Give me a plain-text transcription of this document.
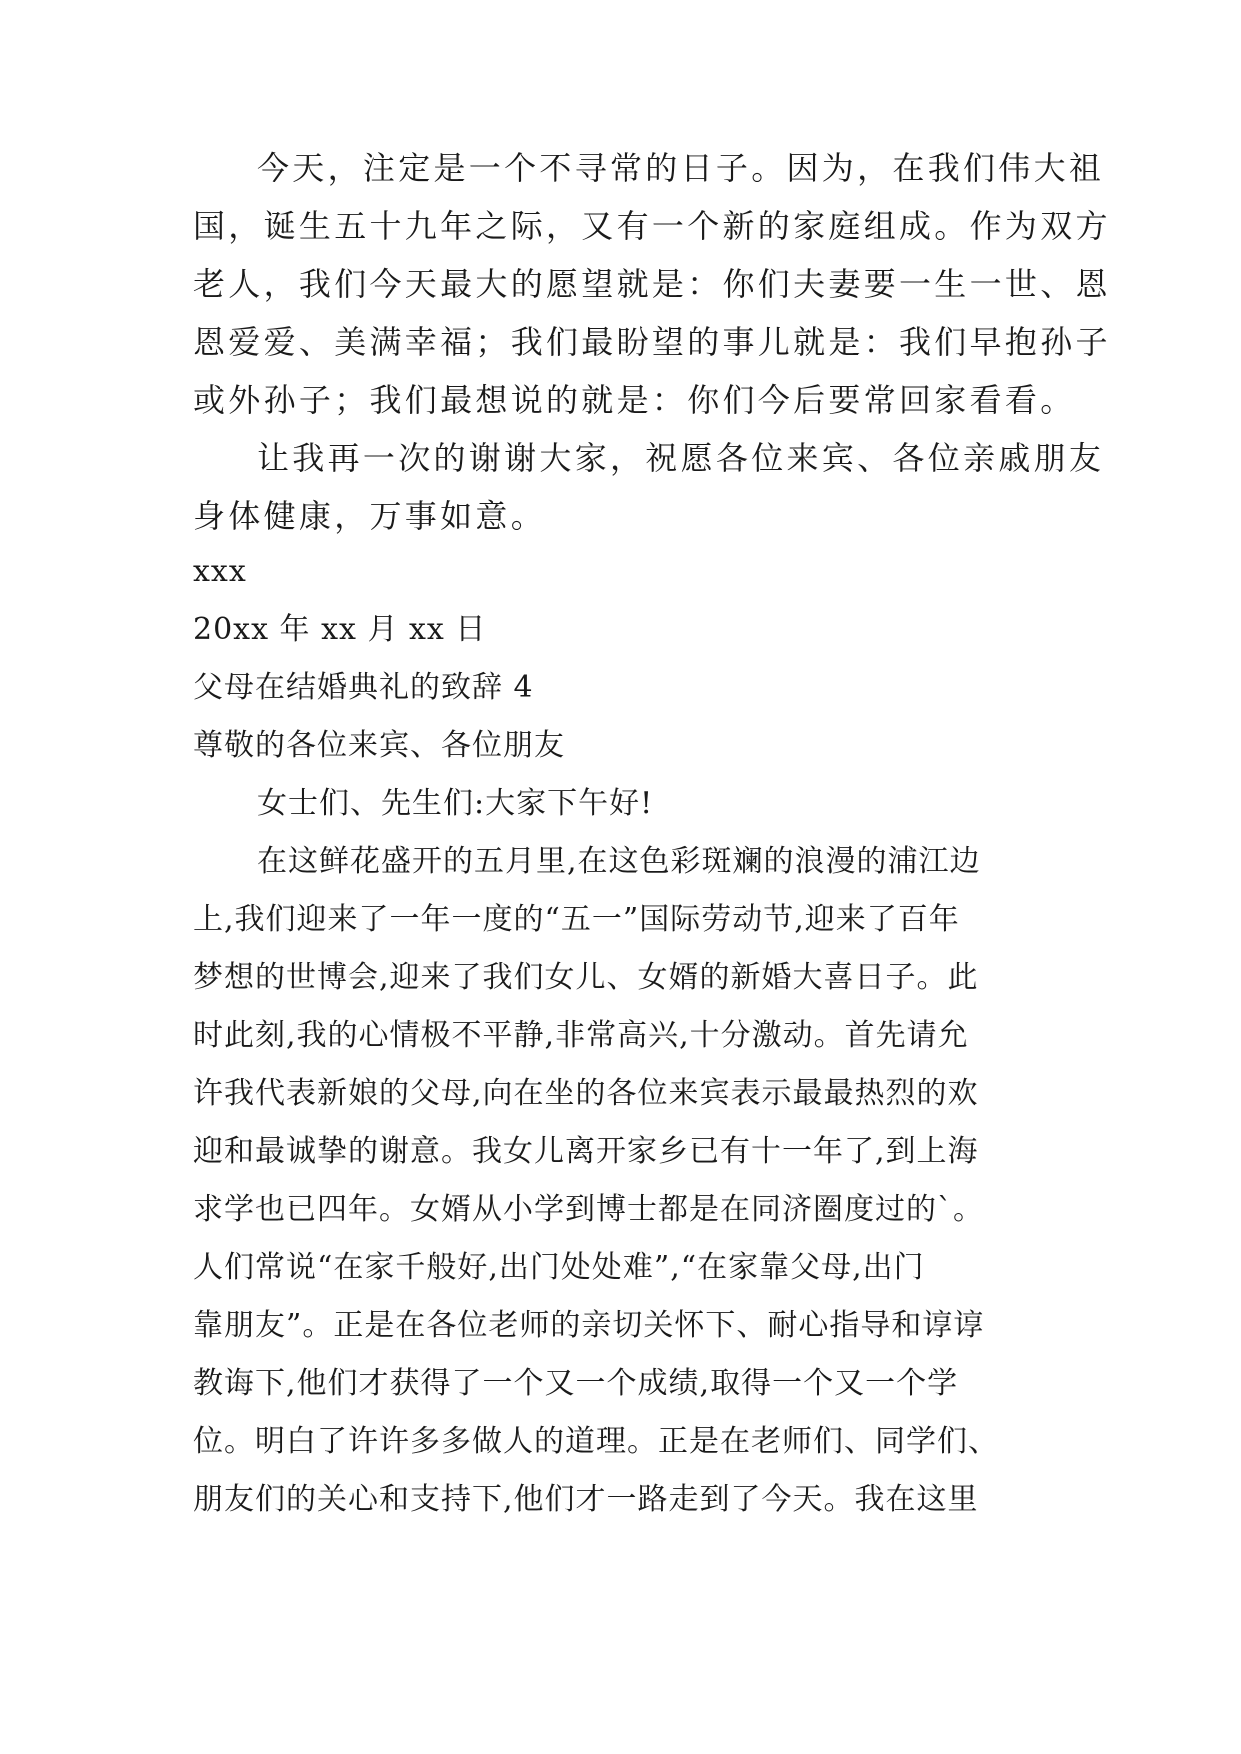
今天，注定是一个不寻常的日子。因为，在我们伟大祖
国，诞生五十九年之际，又有一个新的家庭组成。作为双方
老人，我们今天最大的愿望就是：你们夫妻要一生一世、恩
恩爱爱、美满幸福；我们最盼望的事儿就是：我们早抱孙子
或外孙子；我们最想说的就是：你们今后要常回家看看。
让我再一次的谢谢大家，祝愿各位来宾、各位亲戚朋友
身体健康，万事如意。
xxx
20xx 年 xx 月 xx 日
父母在结婚典礼的致辞 4
尊敬的各位来宾、各位朋友
女士们、先生们:大家下午好!
在这鲜花盛开的五月里,在这色彩斑斓的浪漫的浦江边
上,我们迎来了一年一度的“五一”国际劳动节,迎来了百年
梦想的世博会,迎来了我们女儿、女婿的新婚大喜日子。此
时此刻,我的心情极不平静,非常高兴,十分激动。首先请允
许我代表新娘的父母,向在坐的各位来宾表示最最热烈的欢
迎和最诚挚的谢意。我女儿离开家乡已有十一年了,到上海
求学也已四年。女婿从小学到博士都是在同济圈度过的`。
人们常说“在家千般好,出门处处难”,“在家靠父母,出门
靠朋友”。正是在各位老师的亲切关怀下、耐心指导和谆谆
教诲下,他们才获得了一个又一个成绩,取得一个又一个学
位。明白了许许多多做人的道理。正是在老师们、同学们、
朋友们的关心和支持下,他们才一路走到了今天。我在这里
